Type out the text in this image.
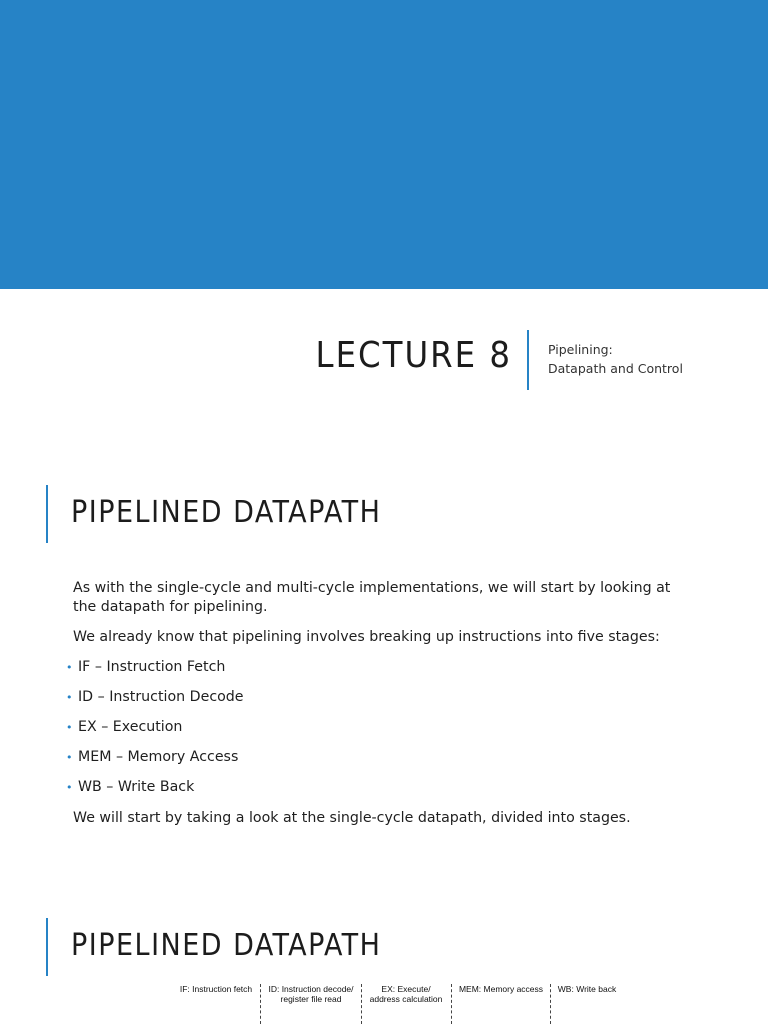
LECTURE 8	Pipelining:
Datapath and Control
PIPELINED DATAPATH
As with the single-cycle and multi-cycle implementations, we will start by looking at
the datapath for pipelining.
We already know that pipelining involves breaking up instructions into five stages:
• IF – Instruction Fetch
• ID – Instruction Decode
• EX – Execution
• MEM – Memory Access
• WB – Write Back
We will start by taking a look at the single-cycle datapath, divided into stages.
PIPELINED DATAPATH
IF: Instruction fetch	ID: Instruction decode/
register file read
EX: Execute/
address calculation
MEM: Memory access	WB: Write back
